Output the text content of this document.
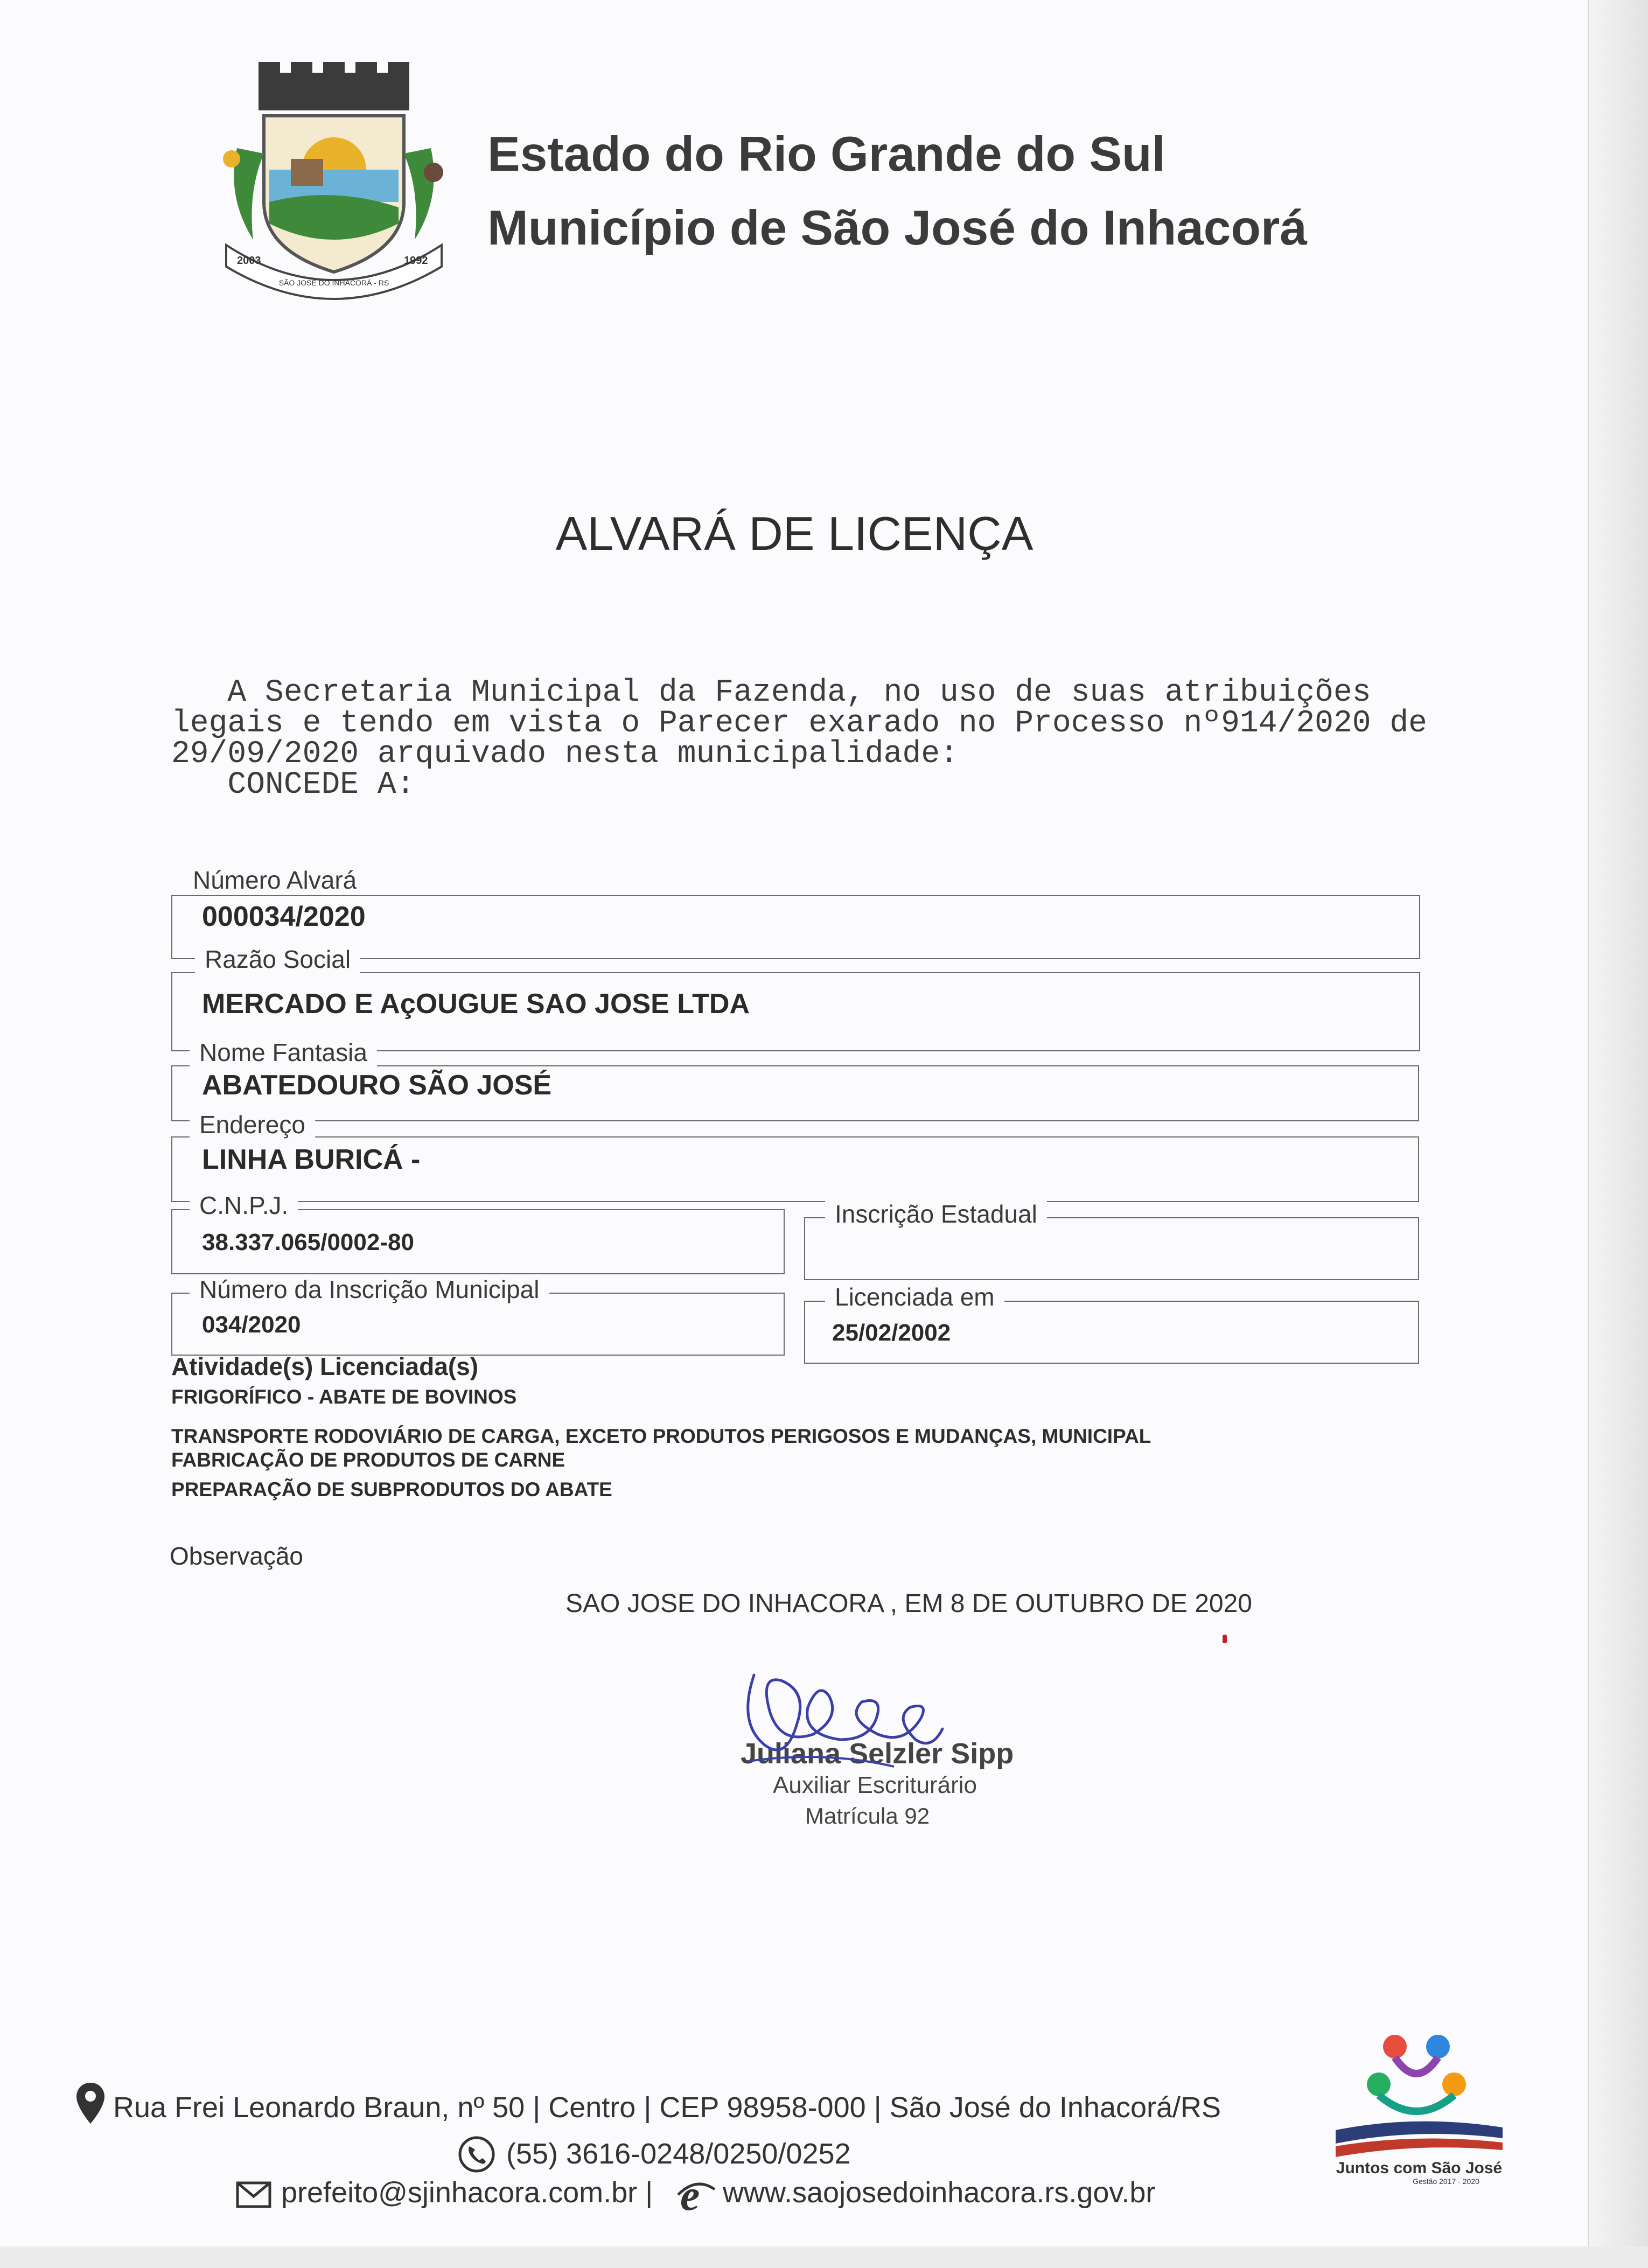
2003
SÃO JOSÉ DO INHACORÁ - RS
1992
Estado do Rio Grande do Sul
Município de São José do Inhacorá
ALVARÁ DE LICENÇA
A Secretaria Municipal da Fazenda, no uso de suas atribuições
legais e tendo em vista o Parecer exarado no Processo nº914/2020 de
29/09/2020 arquivado nesta municipalidade:
CONCEDE A:
Número Alvará
000034/2020
Razão Social
MERCADO E AçOUGUE SAO JOSE LTDA
Nome Fantasia
ABATEDOURO SÃO JOSÉ
Endereço
LINHA BURICÁ -
C.N.P.J.
38.337.065/0002-80
Inscrição Estadual
Número da Inscrição Municipal
034/2020
Licenciada em
25/02/2002
Atividade(s) Licenciada(s)
FRIGORÍFICO - ABATE DE BOVINOS
TRANSPORTE RODOVIÁRIO DE CARGA, EXCETO PRODUTOS PERIGOSOS E MUDANÇAS, MUNICIPAL
FABRICAÇÃO DE PRODUTOS DE CARNE
PREPARAÇÃO DE SUBPRODUTOS DO ABATE
Observação
SAO JOSE DO INHACORA , EM 8 DE OUTUBRO DE 2020
Juliana Selzler Sipp
Auxiliar Escriturário
Matrícula 92
Rua Frei Leonardo Braun, nº 50 | Centro | CEP 98958-000 | São José do Inhacorá/RS
(55) 3616-0248/0250/0252
prefeito@sjinhacora.com.br | e www.saojosedoinhacora.rs.gov.br
Juntos com São José
Gestão 2017 - 2020
